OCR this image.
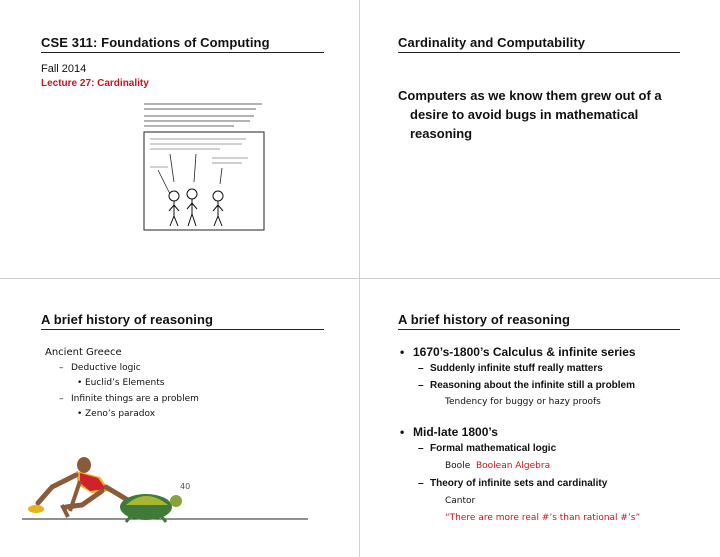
CSE 311: Foundations of Computing
Fall 2014
Lecture 27: Cardinality
ADVICE: IF SOMEONE CALLS RECENTLY ASKING TO MAKE A CHART OF ALL BRAIN FORMS...
Cardinality and Computability
Computers as we know them grew out of a
desire to avoid bugs in mathematical
reasoning
A brief history of reasoning
Ancient Greece
– Deductive logic
• Euclid’s Elements
– Infinite things are a problem
• Zeno’s paradox
40
A brief history of reasoning
• 1670’s-1800’s Calculus & infinite series
– Suddenly infinite stuff really matters
– Reasoning about the infinite still a problem
Tendency for buggy or hazy proofs
• Mid-late 1800’s
– Formal mathematical logic
Boole Boolean Algebra
– Theory of infinite sets and cardinality
Cantor
“There are more real #’s than rational #’s”
